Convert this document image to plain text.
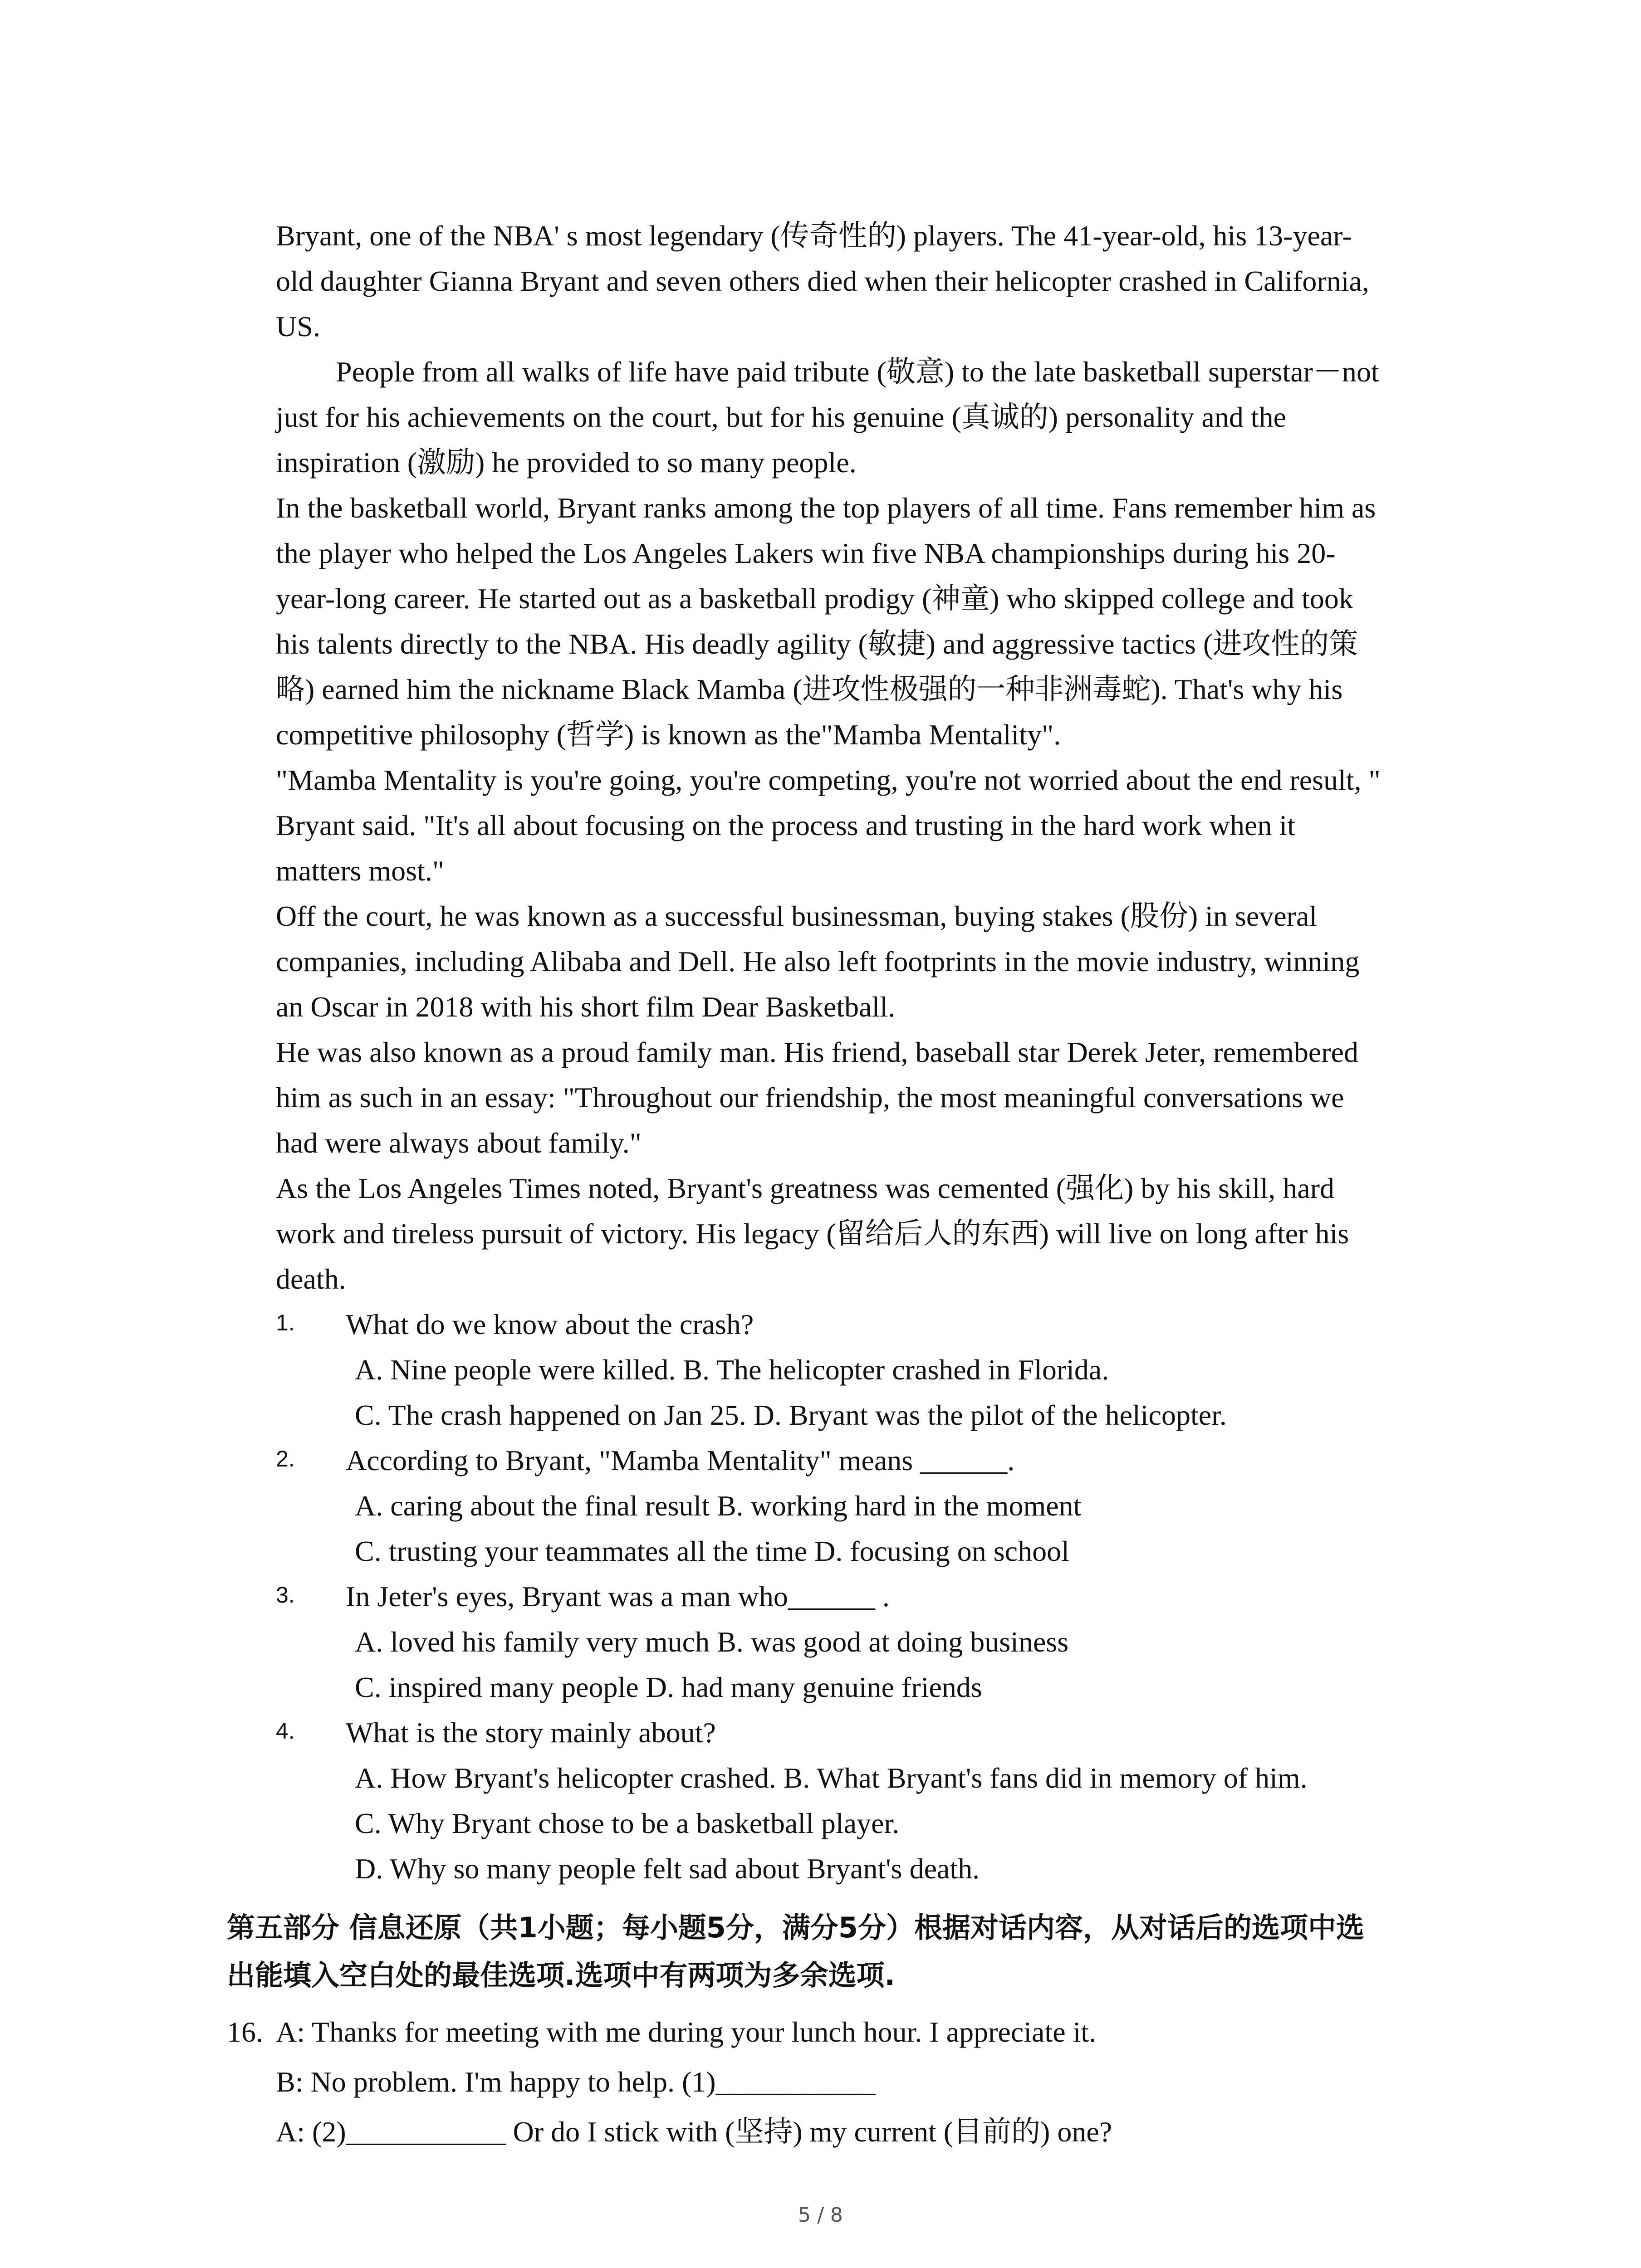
Bryant, one of the NBA' s most legendary (传奇性的) players. The 41-year-old, his 13-year-
old daughter Gianna Bryant and seven others died when their helicopter crashed in California,
US.
People from all walks of life have paid tribute (敬意) to the late basketball superstar－not
just for his achievements on the court, but for his genuine (真诚的) personality and the
inspiration (激励) he provided to so many people.
In the basketball world, Bryant ranks among the top players of all time. Fans remember him as
the player who helped the Los Angeles Lakers win five NBA championships during his 20-
year-long career. He started out as a basketball prodigy (神童) who skipped college and took
his talents directly to the NBA. His deadly agility (敏捷) and aggressive tactics (进攻性的策
略) earned him the nickname Black Mamba (进攻性极强的一种非洲毒蛇). That's why his
competitive philosophy (哲学) is known as the"Mamba Mentality".
"Mamba Mentality is you're going, you're competing, you're not worried about the end result, "
Bryant said. "It's all about focusing on the process and trusting in the hard work when it
matters most."
Off the court, he was known as a successful businessman, buying stakes (股份) in several
companies, including Alibaba and Dell. He also left footprints in the movie industry, winning
an Oscar in 2018 with his short film Dear Basketball.
He was also known as a proud family man. His friend, baseball star Derek Jeter, remembered
him as such in an essay: "Throughout our friendship, the most meaningful conversations we
had were always about family."
As the Los Angeles Times noted, Bryant's greatness was cemented (强化) by his skill, hard
work and tireless pursuit of victory. His legacy (留给后人的东西) will live on long after his
death.
1. What do we know about the crash?
A. Nine people were killed. B. The helicopter crashed in Florida.
C. The crash happened on Jan 25. D. Bryant was the pilot of the helicopter.
2. According to Bryant, "Mamba Mentality" means ______.
A. caring about the final result B. working hard in the moment
C. trusting your teammates all the time D. focusing on school
3. In Jeter's eyes, Bryant was a man who______ .
A. loved his family very much B. was good at doing business
C. inspired many people D. had many genuine friends
4. What is the story mainly about?
A. How Bryant's helicopter crashed. B. What Bryant's fans did in memory of him.
C. Why Bryant chose to be a basketball player.
D. Why so many people felt sad about Bryant's death.
第五部分 信息还原（共1小题；每小题5分，满分5分）根据对话内容，从对话后的选项中选
出能填入空白处的最佳选项.选项中有两项为多余选项.
16. A: Thanks for meeting with me during your lunch hour. I appreciate it.
B: No problem. I'm happy to help. (1)___________
A: (2)___________ Or do I stick with (坚持) my current (目前的) one?
5 / 8
